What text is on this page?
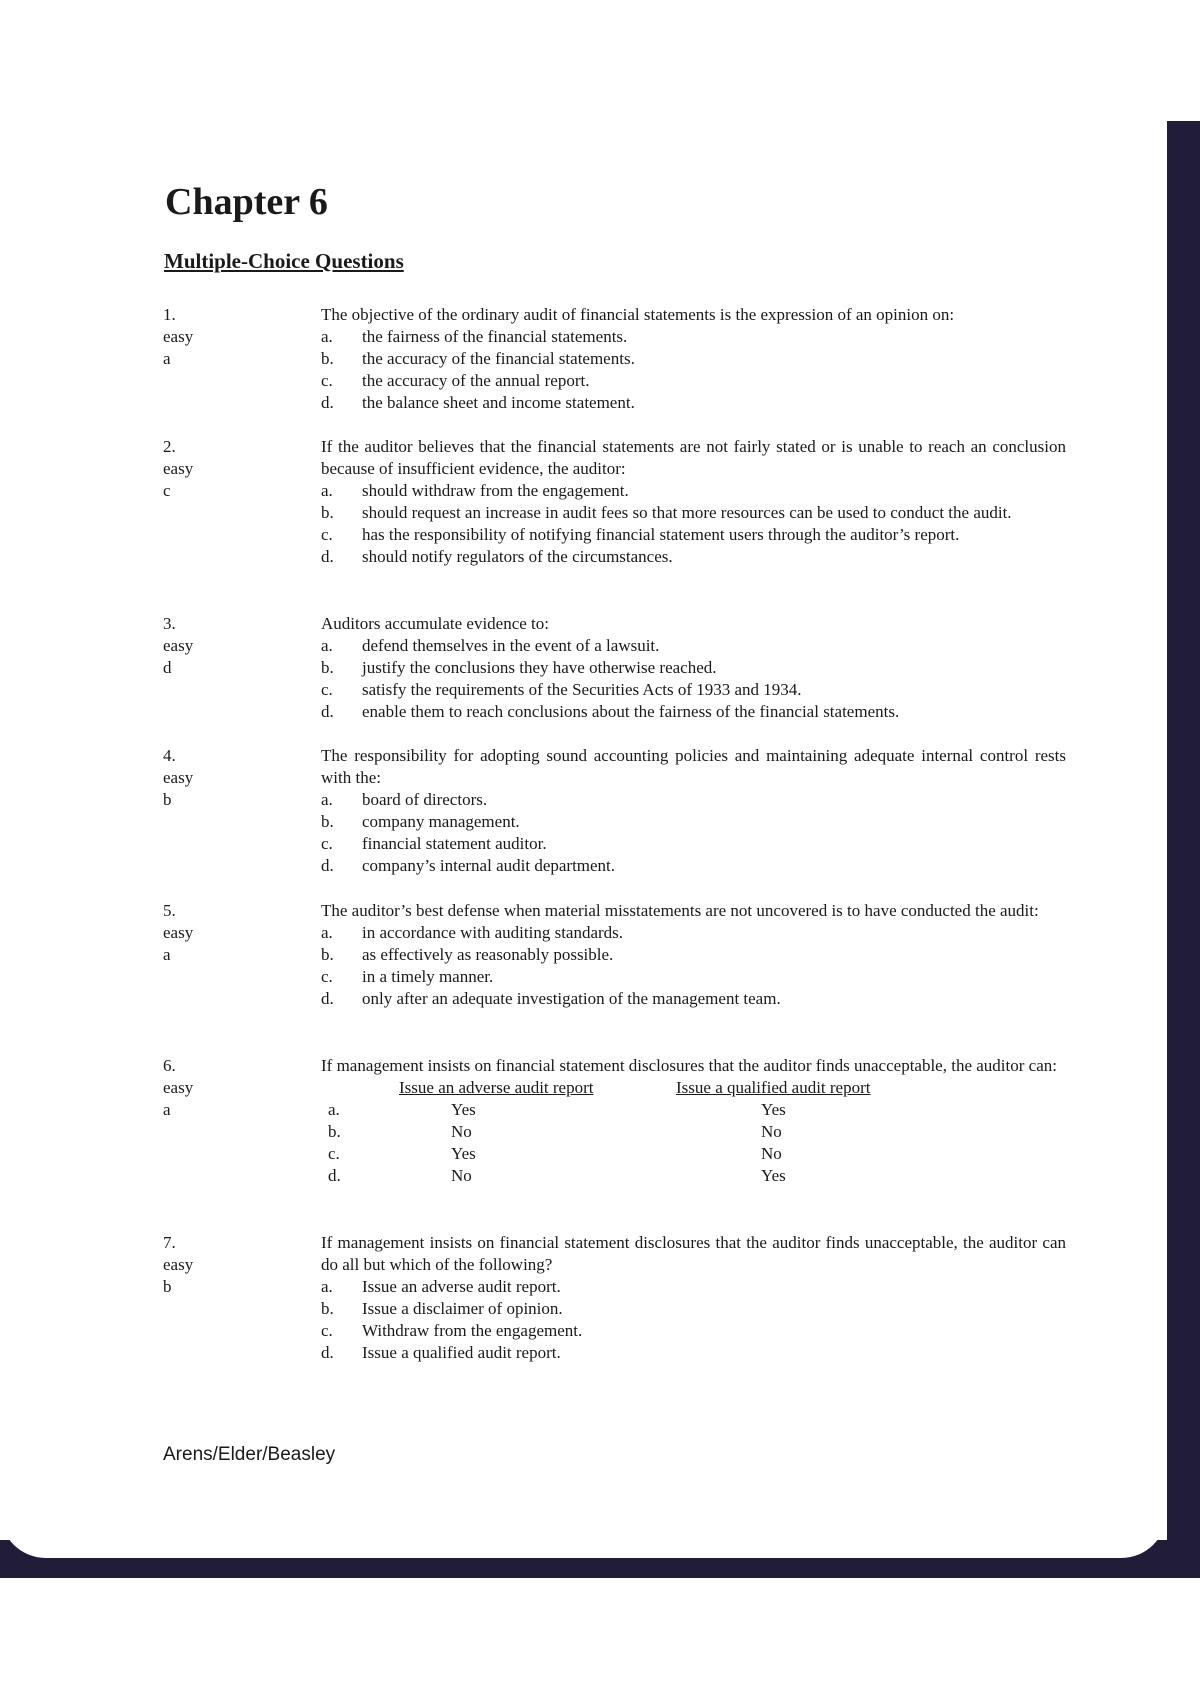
Chapter 6
Multiple-Choice Questions
1.
easy
a

The objective of the ordinary audit of financial statements is the expression of an opinion on:

a.	the fairness of the financial statements.
b.	the accuracy of the financial statements.
c.	the accuracy of the annual report.
d.	the balance sheet and income statement.
2.
easy
c

If the auditor believes that the financial statements are not fairly stated or is unable to reach an conclusion because of insufficient evidence, the auditor:

a.	should withdraw from the engagement.
b.	should request an increase in audit fees so that more resources can be used to conduct the audit.
c.	has the responsibility of notifying financial statement users through the auditor’s report.
d.	should notify regulators of the circumstances.
3.
easy
d

Auditors accumulate evidence to:

a.	defend themselves in the event of a lawsuit.
b.	justify the conclusions they have otherwise reached.
c.	satisfy the requirements of the Securities Acts of 1933 and 1934.
d.	enable them to reach conclusions about the fairness of the financial statements.
4.
easy
b

The responsibility for adopting sound accounting policies and maintaining adequate internal control rests with the:

a.	board of directors.
b.	company management.
c.	financial statement auditor.
d.	company’s internal audit department.
5.
easy
a

The auditor’s best defense when material misstatements are not uncovered is to have conducted the audit:

a.	in accordance with auditing standards.
b.	as effectively as reasonably possible.
c.	in a timely manner.
d.	only after an adequate investigation of the management team.
6.
easy
a

If management insists on financial statement disclosures that the auditor finds unacceptable, the auditor can:

Issue an adverse audit report	Issue a qualified audit report
a.	Yes	Yes
b.	No	No
c.	Yes	No
d.	No	Yes
7.
easy
b

If management insists on financial statement disclosures that the auditor finds unacceptable, the auditor can do all but which of the following?

a.	Issue an adverse audit report.
b.	Issue a disclaimer of opinion.
c.	Withdraw from the engagement.
d.	Issue a qualified audit report.
Arens/Elder/Beasley
